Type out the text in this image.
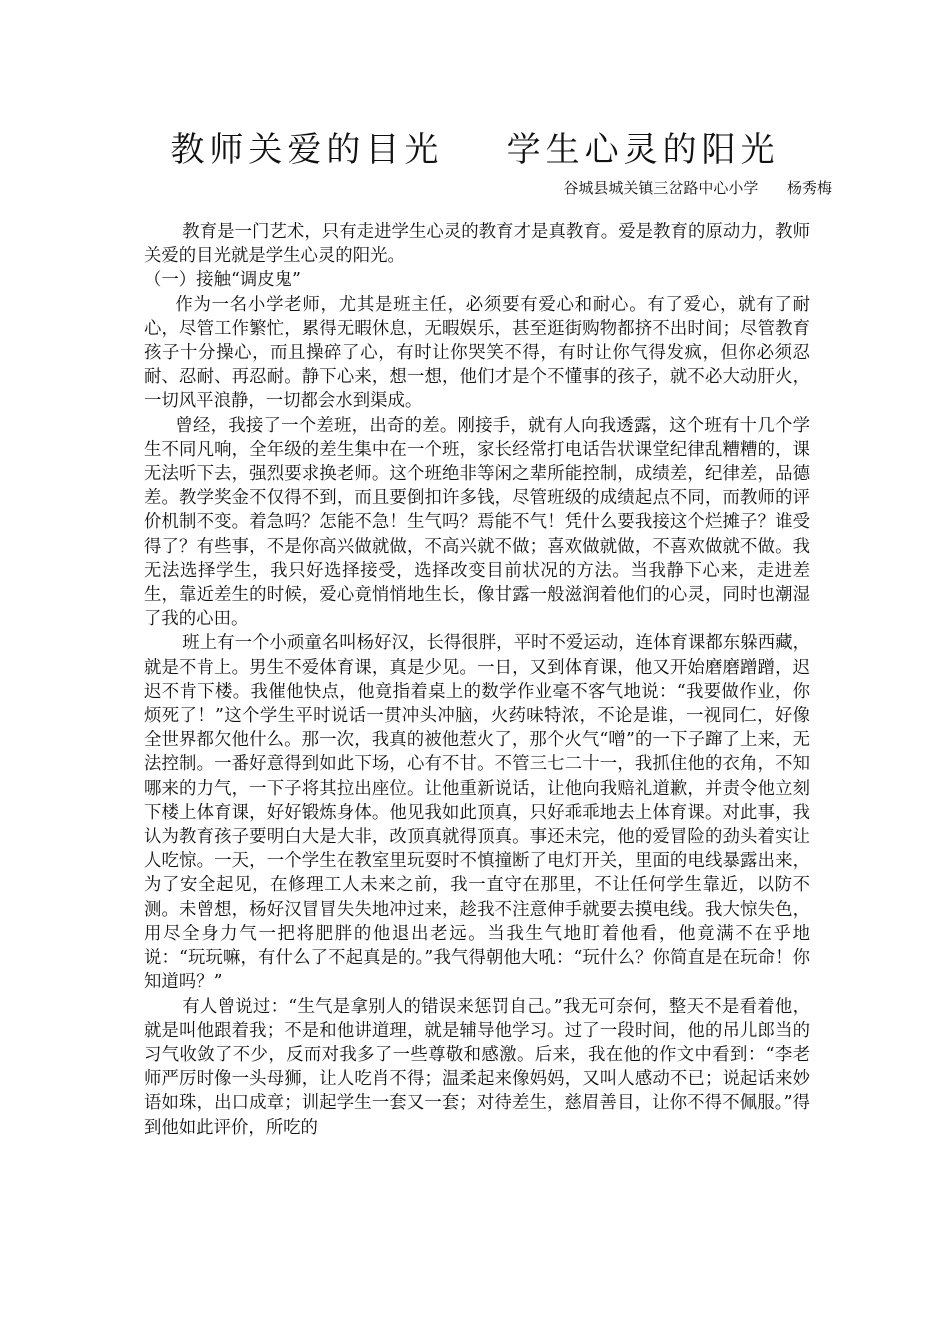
教师关爱的目光    学生心灵的阳光
谷城县城关镇三岔路中心小学      杨秀梅

教育是一门艺术，只有走进学生心灵的教育才是真教育。爱是教育的原动力，教师关爱的目光就是学生心灵的阳光。

（一）接触“调皮鬼”

作为一名小学老师，尤其是班主任，必须要有爱心和耐心。有了爱心，就有了耐心，尽管工作繁忙，累得无暇休息，无暇娱乐，甚至逛街购物都挤不出时间；尽管教育孩子十分操心，而且操碎了心，有时让你哭笑不得，有时让你气得发疯，但你必须忍耐、忍耐、再忍耐。静下心来，想一想，他们才是个不懂事的孩子，就不必大动肝火，一切风平浪静，一切都会水到渠成。

曾经，我接了一个差班，出奇的差。刚接手，就有人向我透露，这个班有十几个学生不同凡响，全年级的差生集中在一个班，家长经常打电话告状课堂纪律乱糟糟的，课无法听下去，强烈要求换老师。这个班绝非等闲之辈所能控制，成绩差，纪律差，品德差。教学奖金不仅得不到，而且要倒扣许多钱，尽管班级的成绩起点不同，而教师的评价机制不变。着急吗？怎能不急！生气吗？焉能不气！凭什么要我接这个烂摊子？谁受得了？有些事，不是你高兴做就做，不高兴就不做；喜欢做就做，不喜欢做就不做。我无法选择学生，我只好选择接受，选择改变目前状况的方法。当我静下心来，走进差生，靠近差生的时候，爱心竟悄悄地生长，像甘露一般滋润着他们的心灵，同时也潮湿了我的心田。

班上有一个小顽童名叫杨好汉，长得很胖，平时不爱运动，连体育课都东躲西藏，就是不肯上。男生不爱体育课，真是少见。一日，又到体育课，他又开始磨磨蹭蹭，迟迟不肯下楼。我催他快点，他竟指着桌上的数学作业毫不客气地说：“我要做作业，你烦死了！”这个学生平时说话一贯冲头冲脑，火药味特浓，不论是谁，一视同仁，好像全世界都欠他什么。那一次，我真的被他惹火了，那个火气“噌”的一下子蹿了上来，无法控制。一番好意得到如此下场，心有不甘。不管三七二十一，我抓住他的衣角，不知哪来的力气，一下子将其拉出座位。让他重新说话，让他向我赔礼道歉，并责令他立刻下楼上体育课，好好锻炼身体。他见我如此顶真，只好乖乖地去上体育课。对此事，我认为教育孩子要明白大是大非，改顶真就得顶真。事还未完，他的爱冒险的劲头着实让人吃惊。一天，一个学生在教室里玩耍时不慎撞断了电灯开关，里面的电线暴露出来，为了安全起见，在修理工人未来之前，我一直守在那里，不让任何学生靠近，以防不测。未曾想，杨好汉冒冒失失地冲过来，趁我不注意伸手就要去摸电线。我大惊失色，用尽全身力气一把将肥胖的他退出老远。当我生气地盯着他看，他竟满不在乎地说：“玩玩嘛，有什么了不起真是的。”我气得朝他大吼：“玩什么？你简直是在玩命！你知道吗？”

有人曾说过：“生气是拿别人的错误来惩罚自己。”我无可奈何，整天不是看着他，就是叫他跟着我；不是和他讲道理，就是辅导他学习。过了一段时间，他的吊儿郎当的习气收敛了不少，反而对我多了一些尊敬和感激。后来，我在他的作文中看到：“李老师严厉时像一头母狮，让人吃肖不得；温柔起来像妈妈，又叫人感动不已；说起话来妙语如珠，出口成章；训起学生一套又一套；对待差生，慈眉善目，让你不得不佩服。”得到他如此评价，所吃的
